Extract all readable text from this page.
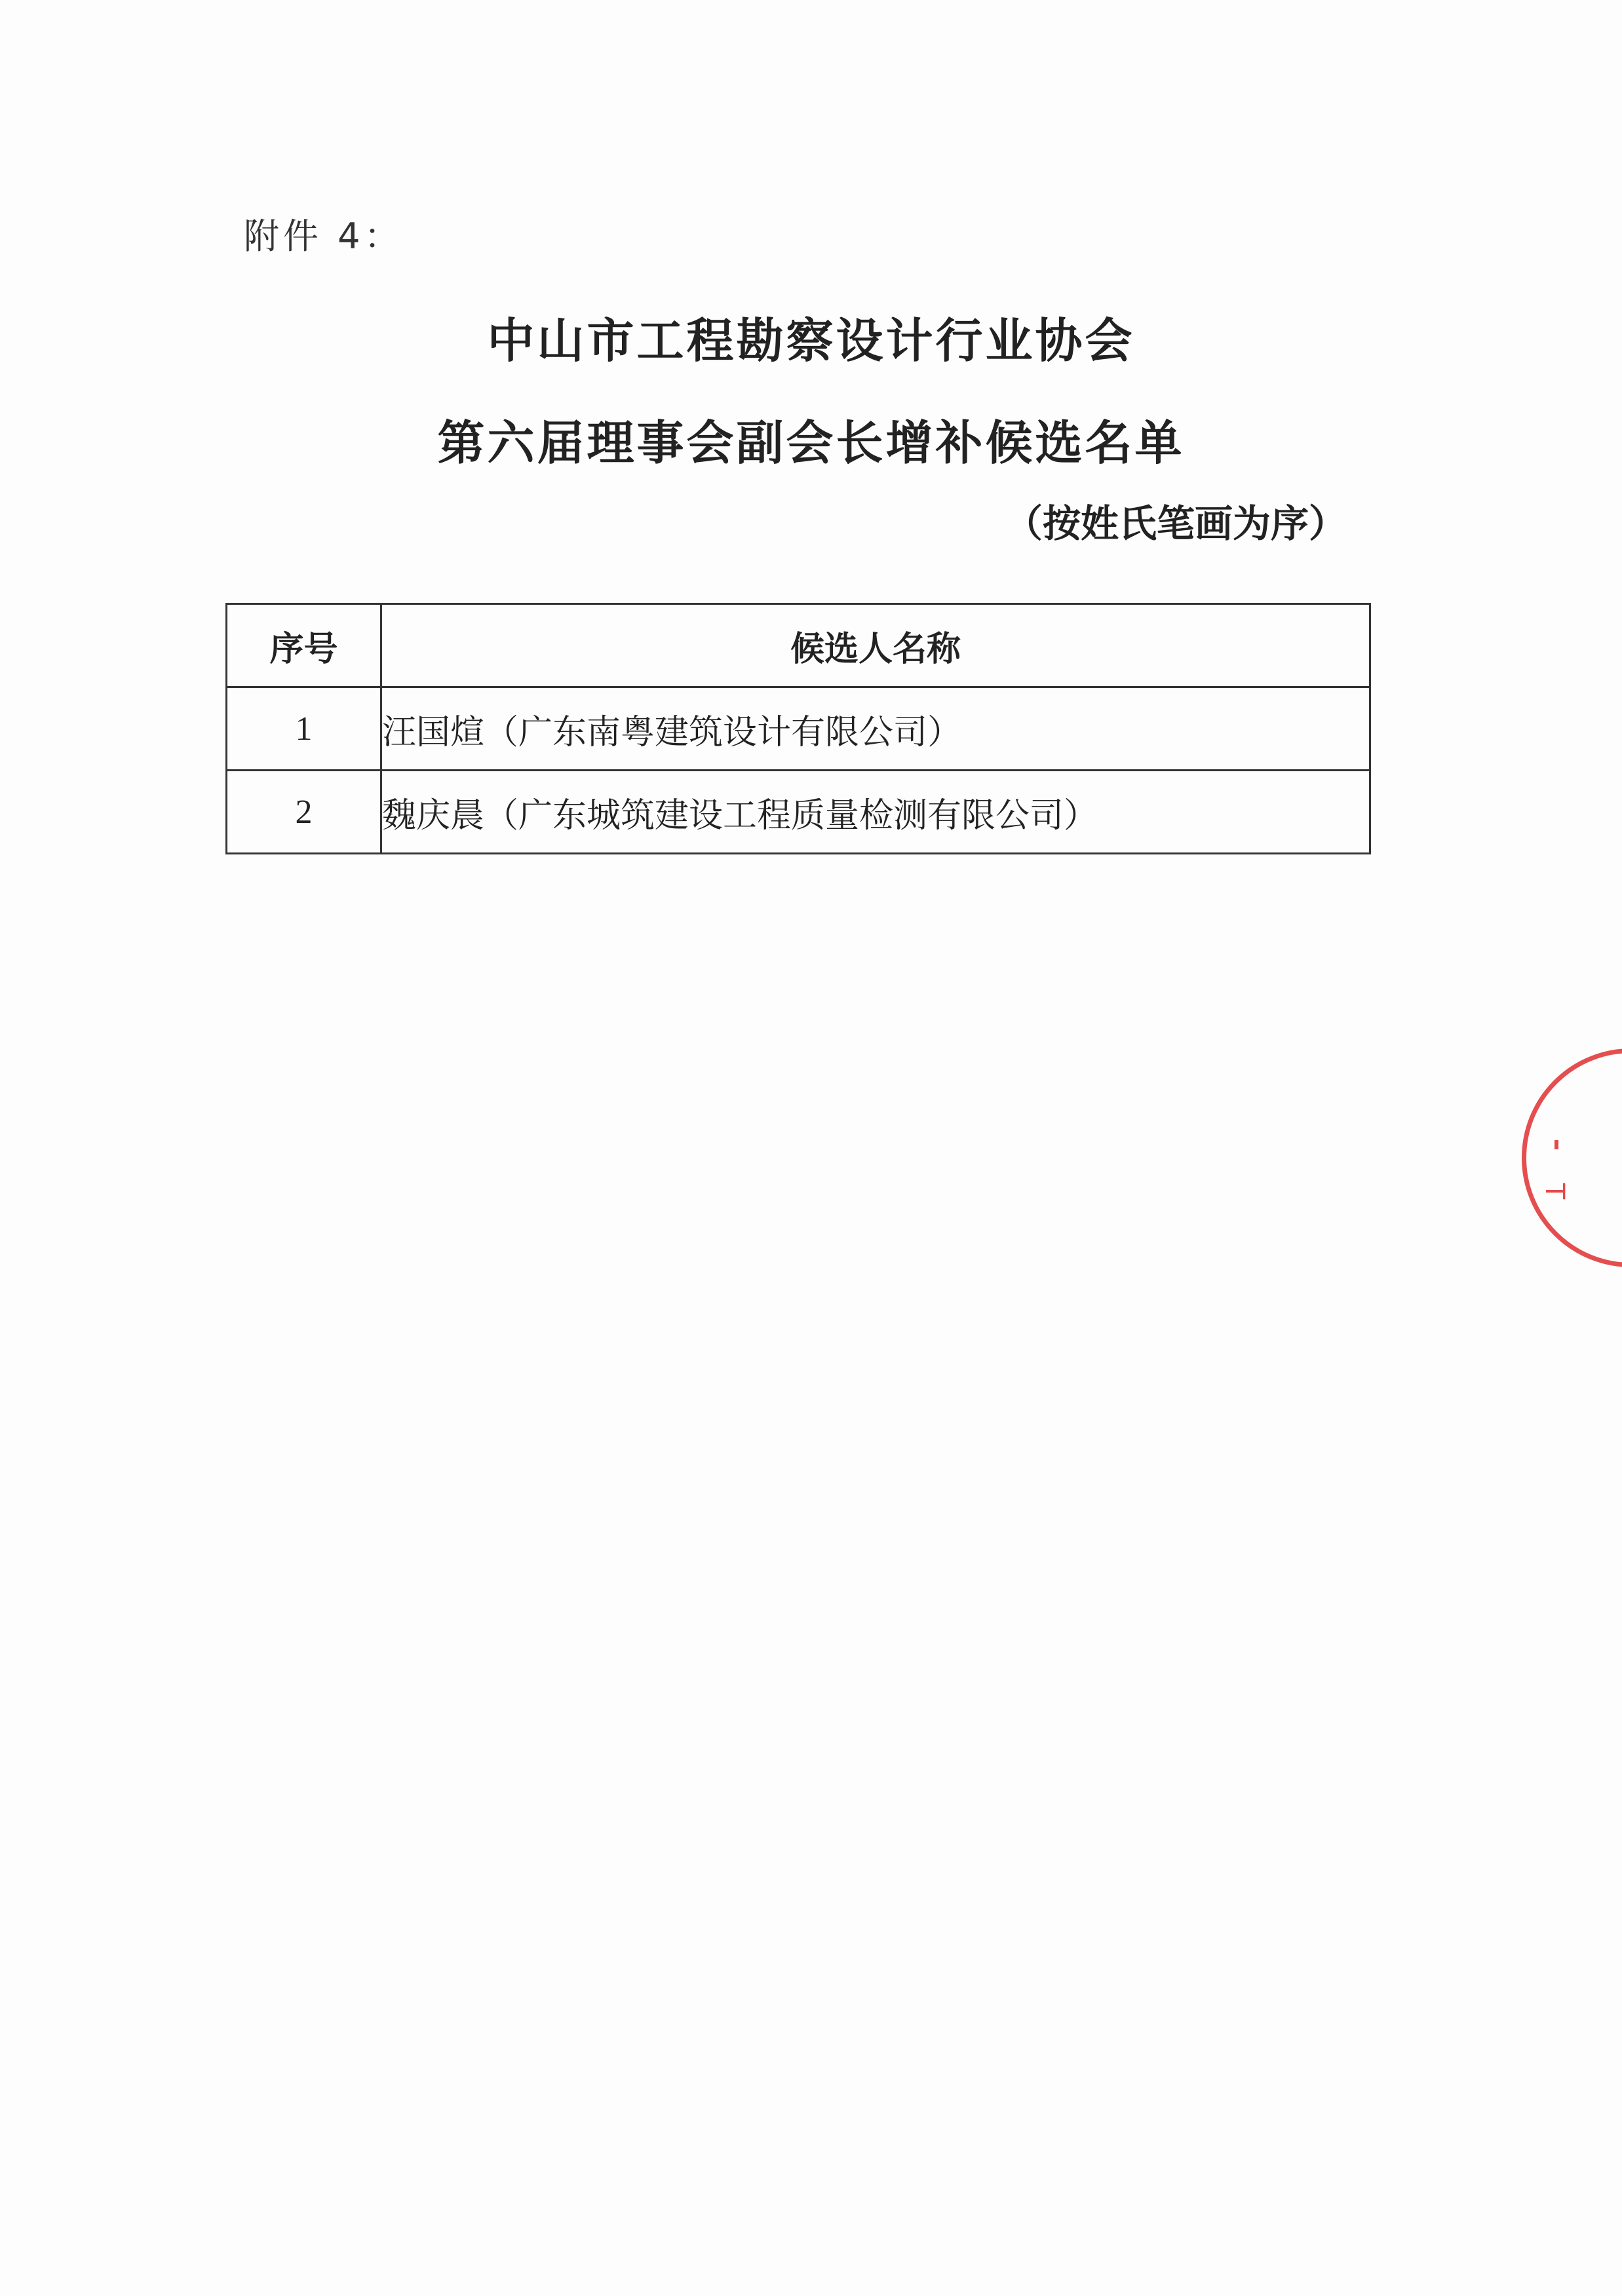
附件 4：
中山市工程勘察设计行业协会
第六届理事会副会长增补候选名单
（按姓氏笔画为序）
序号	候选人名称
1	汪国煊（广东南粤建筑设计有限公司）
2	魏庆晨（广东城筑建设工程质量检测有限公司）
T
